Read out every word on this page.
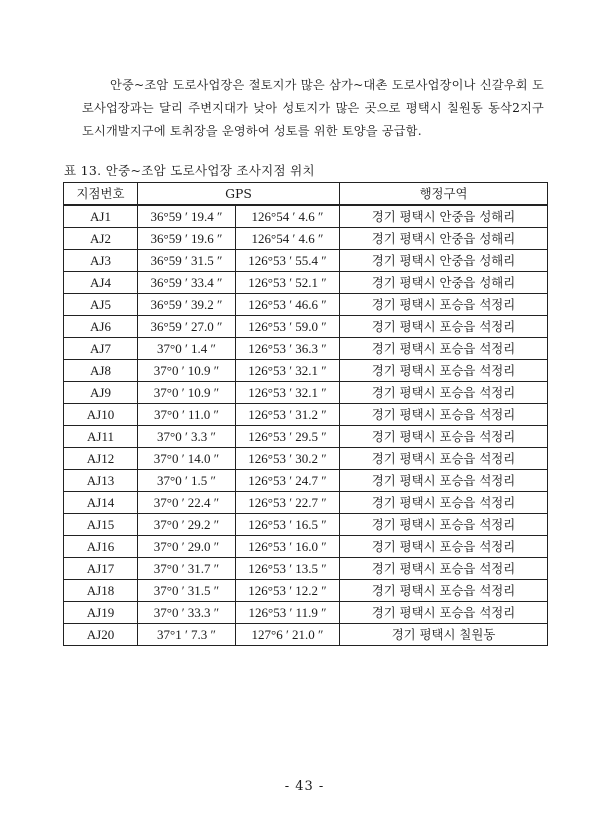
안중~조암 도로사업장은 절토지가 많은 삼가~대촌 도로사업장이나 신갈우회 도로사업장과는 달리 주변지대가 낮아 성토지가 많은 곳으로 평택시 칠원동 동삭2지구 도시개발지구에 토취장을 운영하여 성토를 위한 토양을 공급함.

표 13. 안중~조암 도로사업장 조사지점 위치
지점번호	GPS		행정구역
AJ1	36°59 ′ 19.4 ″	126°54 ′ 4.6 ″	경기 평택시 안중읍 성해리
AJ2	36°59 ′ 19.6 ″	126°54 ′ 4.6 ″	경기 평택시 안중읍 성해리
AJ3	36°59 ′ 31.5 ″	126°53 ′ 55.4 ″	경기 평택시 안중읍 성해리
AJ4	36°59 ′ 33.4 ″	126°53 ′ 52.1 ″	경기 평택시 안중읍 성해리
AJ5	36°59 ′ 39.2 ″	126°53 ′ 46.6 ″	경기 평택시 포승읍 석정리
AJ6	36°59 ′ 27.0 ″	126°53 ′ 59.0 ″	경기 평택시 포승읍 석정리
AJ7	37°0 ′ 1.4 ″	126°53 ′ 36.3 ″	경기 평택시 포승읍 석정리
AJ8	37°0 ′ 10.9 ″	126°53 ′ 32.1 ″	경기 평택시 포승읍 석정리
AJ9	37°0 ′ 10.9 ″	126°53 ′ 32.1 ″	경기 평택시 포승읍 석정리
AJ10	37°0 ′ 11.0 ″	126°53 ′ 31.2 ″	경기 평택시 포승읍 석정리
AJ11	37°0 ′ 3.3 ″	126°53 ′ 29.5 ″	경기 평택시 포승읍 석정리
AJ12	37°0 ′ 14.0 ″	126°53 ′ 30.2 ″	경기 평택시 포승읍 석정리
AJ13	37°0 ′ 1.5 ″	126°53 ′ 24.7 ″	경기 평택시 포승읍 석정리
AJ14	37°0 ′ 22.4 ″	126°53 ′ 22.7 ″	경기 평택시 포승읍 석정리
AJ15	37°0 ′ 29.2 ″	126°53 ′ 16.5 ″	경기 평택시 포승읍 석정리
AJ16	37°0 ′ 29.0 ″	126°53 ′ 16.0 ″	경기 평택시 포승읍 석정리
AJ17	37°0 ′ 31.7 ″	126°53 ′ 13.5 ″	경기 평택시 포승읍 석정리
AJ18	37°0 ′ 31.5 ″	126°53 ′ 12.2 ″	경기 평택시 포승읍 석정리
AJ19	37°0 ′ 33.3 ″	126°53 ′ 11.9 ″	경기 평택시 포승읍 석정리
AJ20	37°1 ′ 7.3 ″	127°6 ′ 21.0 ″	경기 평택시 칠원동
- 43 -
